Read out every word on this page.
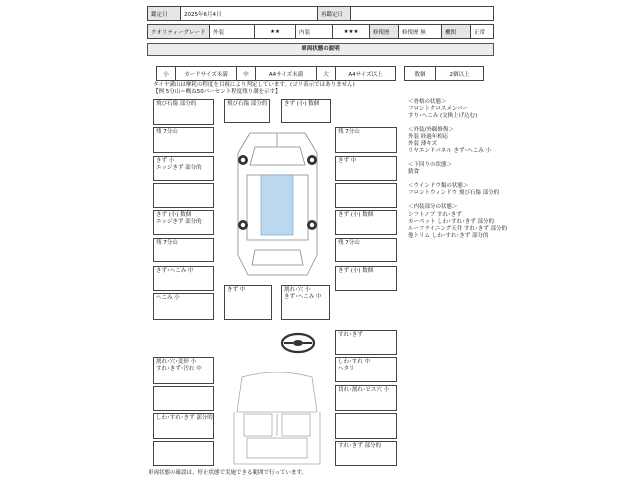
鑑定日	2025年6月4日	再鑑定日	
クオリティーグレード	外装	★★	内装	★★★	修復歴	修復歴 無	機関	正常
車両状態の説明
小	カードサイズ未満	中	A4サイズ未満	大	A4サイズ以上	数個	2個以上
タイヤ溝山は摩耗の程度を目視により判定しています。(ゴリ表示ではありません)
【例 5分山＝概ね50パーセント程度残り溝を示す】
飛び石傷 部分的	飛び石傷 部分的	きず (小) 数個
残 7分山	残 7分山
きず 小
エッジきず 部分的
きず 中
きず (小) 数個
エッジきず 部分的
きず (小) 数個
残 7分山	残 7分山
きず･へこみ 中	きず (小) 数個
へこみ 小
きず 中	割れ･穴 小
きず･へこみ 中
＜骨格の状態＞
フロントクロスメンバー
すり･へこみ (交換上げ込む)

＜外装/外観修復＞
外装 経過年相応
外装 薄キズ
リヤエンドパネル きず･へこみ 小

＜下回りの状態＞
錆食

＜ウインドウ類の状態＞
フロントウィンドウ 飛び石傷 部分的

＜内装部分の状態＞
シフトノブ すれ･きず
カーペット しわ･すれ･きず 部分的
ルーフライニング天井 すれ･きず 部分的
他トリム しわ･すれ･きず 部分的
すれ･きず
割れ･穴･変形 小
すれ･きず･汚れ 中
しわ･すれ 中
ヘタリ
切れ･割れ･ピス穴 小
しわ･すれ･きず 部分的
すれ･きず 部分的
車両状態の確認は、停止状態で実施できる範囲で行っています。
